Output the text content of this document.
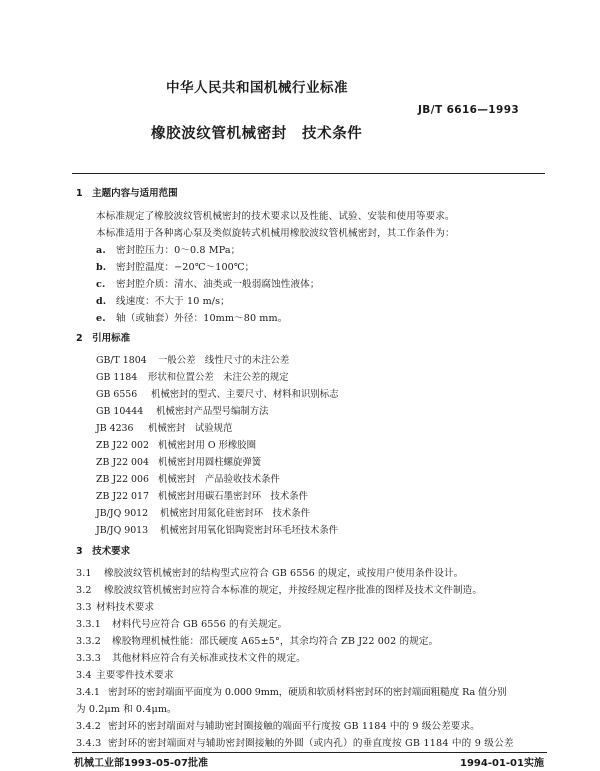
中华人民共和国机械行业标准
JB/T 6616—1993
橡胶波纹管机械密封　技术条件
1　主题内容与适用范围
本标准规定了橡胶波纹管机械密封的技术要求以及性能、试验、安装和使用等要求。
本标准适用于各种离心泵及类似旋转式机械用橡胶波纹管机械密封，其工作条件为：
a. 密封腔压力：0～0.8 MPa；
b. 密封腔温度：−20℃～100℃；
c. 密封腔介质：清水、油类或一般弱腐蚀性液体；
d. 线速度：不大于 10 m/s；
e. 轴（或轴套）外径：10mm～80 mm。
2　引用标准
GB/T 1804 一般公差　线性尺寸的未注公差
GB 1184 形状和位置公差　未注公差的规定
GB 6556 机械密封的型式、主要尺寸、材料和识别标志
GB 10444 机械密封产品型号编制方法
JB 4236 机械密封　试验规范
ZB J22 002 机械密封用 O 形橡胶圈
ZB J22 004 机械密封用圆柱螺旋弹簧
ZB J22 006 机械密封　产品验收技术条件
ZB J22 017 机械密封用碳石墨密封环　技术条件
JB/JQ 9012 机械密封用氮化硅密封环　技术条件
JB/JQ 9013 机械密封用氧化铝陶瓷密封环毛坯技术条件
3　技术要求
3.1 橡胶波纹管机械密封的结构型式应符合 GB 6556 的规定，或按用户使用条件设计。
3.2 橡胶波纹管机械密封应符合本标准的规定，并按经规定程序批准的图样及技术文件制造。
3.3 材料技术要求
3.3.1 材料代号应符合 GB 6556 的有关规定。
3.3.2 橡胶物理机械性能：邵氏硬度 A65±5°，其余均符合 ZB J22 002 的规定。
3.3.3 其他材料应符合有关标准或技术文件的规定。
3.4 主要零件技术要求
3.4.1 密封环的密封端面平面度为 0.000 9mm，硬质和软质材料密封环的密封端面粗糙度 Ra 值分别
为 0.2μm 和 0.4μm。
3.4.2 密封环的密封端面对与辅助密封圈接触的端面平行度按 GB 1184 中的 9 级公差要求。
3.4.3 密封环的密封端面对与辅助密封圈接触的外圆（或内孔）的垂直度按 GB 1184 中的 9 级公差
机械工业部1993-05-07批准	1994-01-01实施
